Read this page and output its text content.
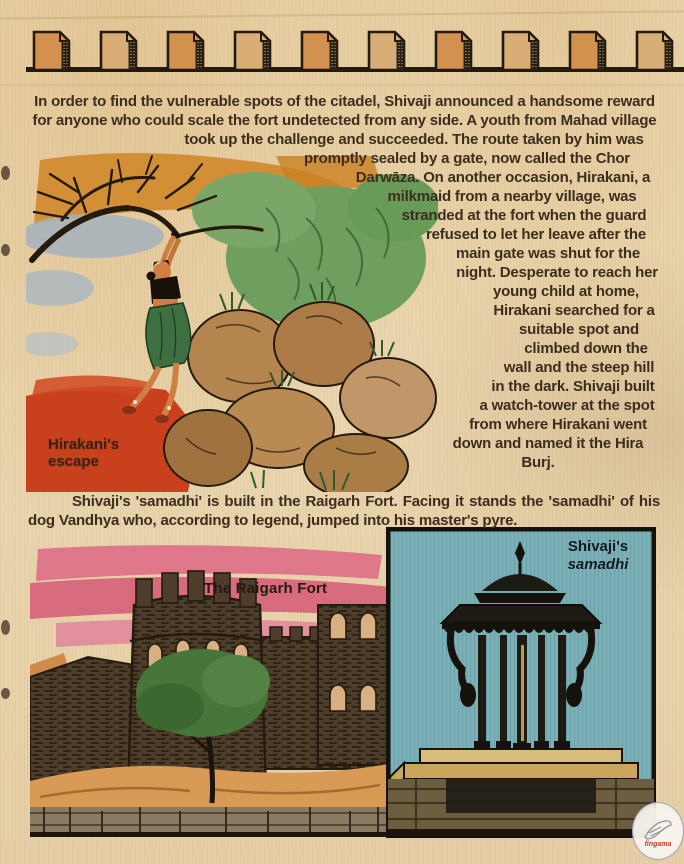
Hirakani's
escape
In order to find the vulnerable spots of the citadel, Shivaji announced a handsome reward for anyone who could scale the fort undetected from any side. A youth from Mahad village took up the challenge and succeeded. The route taken by him was promptly sealed by a gate, now called the Chor Darwāza. On another occasion, Hirakani, a milkmaid from a nearby village, was stranded at the fort when the guard refused to let her leave after the main gate was shut for the night. Desperate to reach her young child at home, Hirakani searched for a suitable spot and climbed down the wall and the steep hill in the dark. Shivaji built a watch-tower at the spot from where Hirakani went down and named it the Hira Burj.
Shivaji's 'samadhi' is built in the Raigarh Fort. Facing it stands the 'samadhi' of his dog Vandhya who, according to legend, jumped into his master's pyre.
The Raigarh Fort
Shivaji's
samadhi
fingama
